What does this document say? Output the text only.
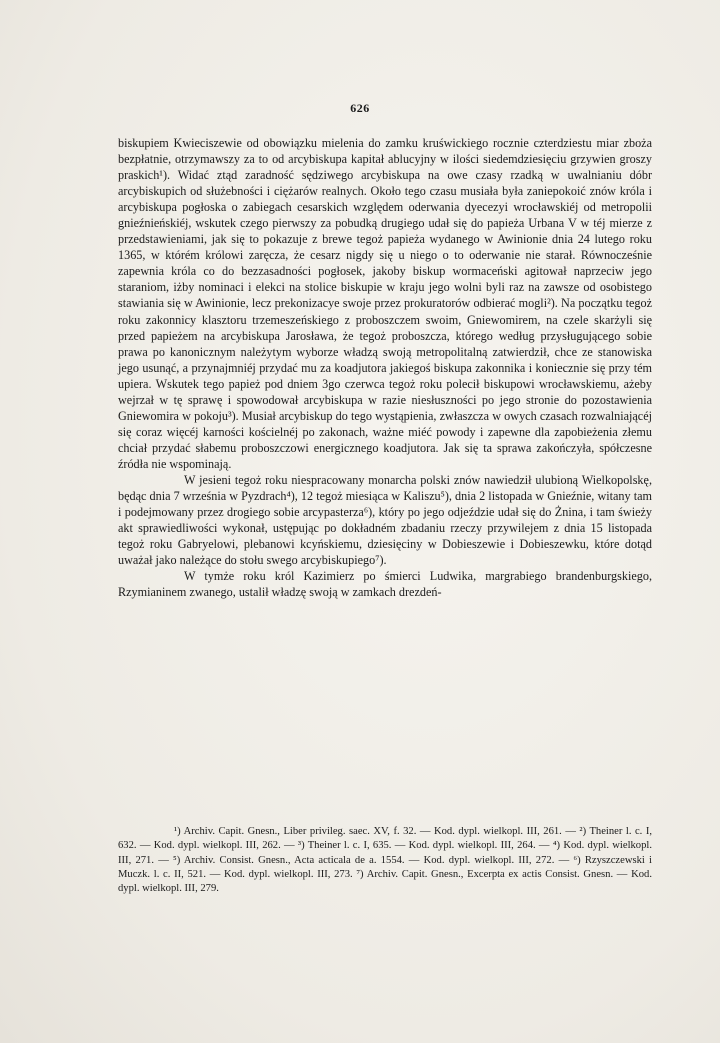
626

biskupiem Kwieciszewie od obowiązku mielenia do zamku kruświckiego rocznie czterdziestu miar zboża bezpłatnie, otrzymawszy za to od arcybiskupa kapitał ablucyjny w ilości siedemdziesięciu grzywien groszy praskich¹). Widać ztąd zaradność sędziwego arcybiskupa na owe czasy rzadką w uwalnianiu dóbr arcybiskupich od służebności i ciężarów realnych. Około tego czasu musiała była zaniepokoić znów króla i arcybiskupa pogłoska o zabiegach cesarskich względem oderwania dyecezyi wrocławskiéj od metropolii gnieźnieńskiéj, wskutek czego pierwszy za pobudką drugiego udał się do papieża Urbana V w téj mierze z przedstawieniami, jak się to pokazuje z brewe tegoż papieża wydanego w Awinionie dnia 24 lutego roku 1365, w którém królowi zaręcza, że cesarz nigdy się u niego o to oderwanie nie starał. Równocześnie zapewnia króla co do bezzasadności pogłosek, jakoby biskup wormaceński agitował naprzeciw jego staraniom, iżby nominaci i elekci na stolice biskupie w kraju jego wolni byli raz na zawsze od osobistego stawiania się w Awinionie, lecz prekonizacye swoje przez prokuratorów odbierać mogli²). Na początku tegoż roku zakonnicy klasztoru trzemeszeńskiego z proboszczem swoim, Gniewomirem, na czele skarżyli się przed papieżem na arcybiskupa Jarosława, że tegoż proboszcza, którego według przysługującego sobie prawa po kanonicznym należytym wyborze władzą swoją metropolitalną zatwierdził, chce ze stanowiska jego usunąć, a przynajmniéj przydać mu za koadjutora jakiegoś biskupa zakonnika i koniecznie się przy tém upiera. Wskutek tego papież pod dniem 3go czerwca tegoż roku polecił biskupowi wrocławskiemu, ażeby wejrzał w tę sprawę i spowodował arcybiskupa w razie niesłuszności po jego stronie do pozostawienia Gniewomira w pokoju³). Musiał arcybiskup do tego wystąpienia, zwłaszcza w owych czasach rozwalniającéj się coraz więcéj karności kościelnéj po zakonach, ważne miéć powody i zapewne dla zapobieżenia złemu chciał przydać słabemu proboszczowi energicznego koadjutora. Jak się ta sprawa zakończyła, spółczesne źródła nie wspominają.

W jesieni tegoż roku niespracowany monarcha polski znów nawiedził ulubioną Wielkopolskę, będąc dnia 7 września w Pyzdrach⁴), 12 tegoż miesiąca w Kaliszu⁵), dnia 2 listopada w Gnieźnie, witany tam i podejmowany przez drogiego sobie arcypasterza⁶), który po jego odjeździe udał się do Żnina, i tam świeży akt sprawiedliwości wykonał, ustępując po dokładném zbadaniu rzeczy przywilejem z dnia 15 listopada tegoż roku Gabryelowi, plebanowi kcyńskiemu, dziesięciny w Dobieszewie i Dobieszewku, które dotąd uważał jako należące do stołu swego arcybiskupiego⁷).

W tymże roku król Kazimierz po śmierci Ludwika, margrabiego brandenburgskiego, Rzymianinem zwanego, ustalił władzę swoją w zamkach drezdeń-

¹) Archiv. Capit. Gnesn., Liber privileg. saec. XV, f. 32. — Kod. dypl. wielkopl. III, 261. — ²) Theiner l. c. I, 632. — Kod. dypl. wielkopl. III, 262. — ³) Theiner l. c. I, 635. — Kod. dypl. wielkopl. III, 264. — ⁴) Kod. dypl. wielkopl. III, 271. — ⁵) Archiv. Consist. Gnesn., Acta acticala de a. 1554. — Kod. dypl. wielkopl. III, 272. — ⁶) Rzyszczewski i Muczk. l. c. II, 521. — Kod. dypl. wielkopl. III, 273. ⁷) Archiv. Capit. Gnesn., Excerpta ex actis Consist. Gnesn. — Kod. dypl. wielkopl. III, 279.
